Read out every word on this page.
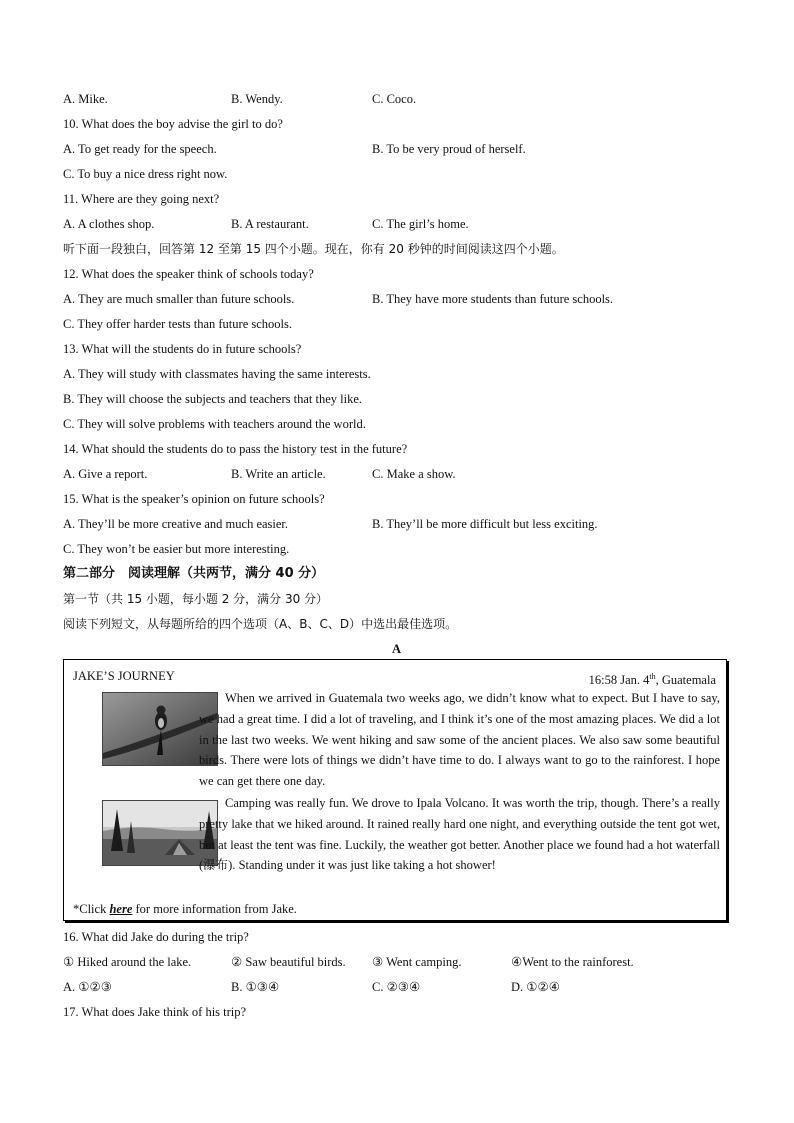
A. Mike.	B. Wendy.	C. Coco.
10. What does the boy advise the girl to do?
A. To get ready for the speech.	B. To be very proud of herself.
C. To buy a nice dress right now.
11. Where are they going next?
A. A clothes shop.	B. A restaurant.	C. The girl’s home.
听下面一段独白，回答第 12 至第 15 四个小题。现在，你有 20 秒钟的时间阅读这四个小题。
12. What does the speaker think of schools today?
A. They are much smaller than future schools.	B. They have more students than future schools.
C. They offer harder tests than future schools.
13. What will the students do in future schools?
A. They will study with classmates having the same interests.
B. They will choose the subjects and teachers that they like.
C. They will solve problems with teachers around the world.
14. What should the students do to pass the history test in the future?
A. Give a report.	B. Write an article.	C. Make a show.
15. What is the speaker’s opinion on future schools?
A. They’ll be more creative and much easier.	B. They’ll be more difficult but less exciting.
C. They won’t be easier but more interesting.
第二部分　阅读理解（共两节，满分 40 分）
第一节（共 15 小题，每小题 2 分，满分 30 分）
阅读下列短文，从每题所给的四个选项（A、B、C、D）中选出最佳选项。
A
JAKE’S JOURNEY	16:58 Jan. 4th, Guatemala

When we arrived in Guatemala two weeks ago, we didn’t know what to expect. But I have to say, we had a great time. I did a lot of traveling, and I think it’s one of the most amazing places. We did a lot in the last two weeks. We went hiking and saw some of the ancient places. We also saw some beautiful birds. There were lots of things we didn’t have time to do. I always want to go to the rainforest. I hope we can get there one day.

Camping was really fun. We drove to Ipala Volcano. It was worth the trip, though. There’s a really pretty lake that we hiked around. It rained really hard one night, and everything outside the tent got wet, but at least the tent was fine. Luckily, the weather got better. Another place we found had a hot waterfall (瀑布). Standing under it was just like taking a hot shower!

*Click here for more information from Jake.
16. What did Jake do during the trip?
① Hiked around the lake.	② Saw beautiful birds. ③ Went camping.	④Went to the rainforest.
A. ①②③	B. ①③④	C. ②③④	D. ①②④
17. What does Jake think of his trip?
